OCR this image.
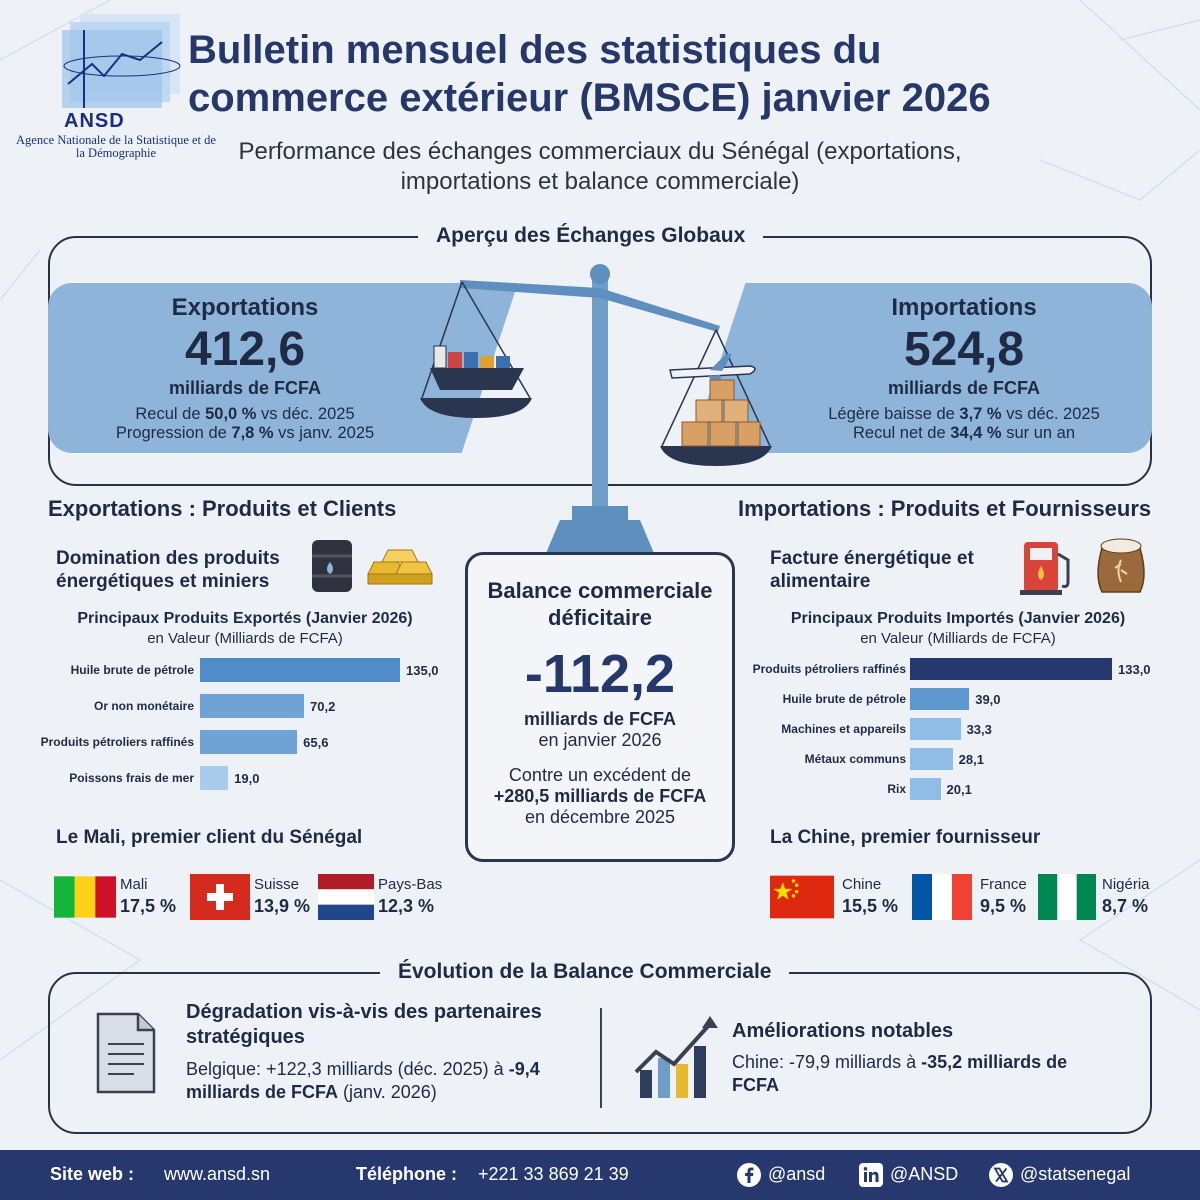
ANSD
Agence Nationale de la Statistique et de la Démographie
Bulletin mensuel des statistiques du commerce extérieur (BMSCE) janvier 2026
Performance des échanges commerciaux du Sénégal (exportations, importations et balance commerciale)
Aperçu des Échanges Globaux
Exportations
412,6
milliards de FCFA
Recul de 50,0 % vs déc. 2025
Progression de 7,8 % vs janv. 2025
Importations
524,8
milliards de FCFA
Légère baisse de 3,7 % vs déc. 2025
Recul net de 34,4 % sur un an
Exportations : Produits et Clients
Domination des produits énergétiques et miniers
Principaux Produits Exportés (Janvier 2026)
en Valeur (Milliards de FCFA)
Huile brute de pétrole	135,0
Or non monétaire	70,2
Produits pétroliers raffinés	65,6
Poissons frais de mer	19,0
Le Mali, premier client du Sénégal
Mali
17,5 %
Suisse
13,9 %
Pays-Bas
12,3 %
Balance commerciale déficitaire
-112,2
milliards de FCFA
en janvier 2026
Contre un excédent de
+280,5 milliards de FCFA
en décembre 2025
Importations : Produits et Fournisseurs
Facture énergétique et alimentaire
Principaux Produits Importés (Janvier 2026)
en Valeur (Milliards de FCFA)
Produits pétroliers raffinés	133,0
Huile brute de pétrole	39,0
Machines et appareils	33,3
Métaux communs	28,1
Rix	20,1
La Chine, premier fournisseur
Chine
15,5 %
France
9,5 %
Nigéria
8,7 %
Évolution de la Balance Commerciale
Dégradation vis-à-vis des partenaires stratégiques
Belgique: +122,3 milliards (déc. 2025) à -9,4 milliards de FCFA (janv. 2026)
Améliorations notables
Chine: -79,9 milliards à -35,2 milliards de FCFA
Site web : www.ansd.sn	Téléphone : +221 33 869 21 39	@ansd	@ANSD	@statsenegal
